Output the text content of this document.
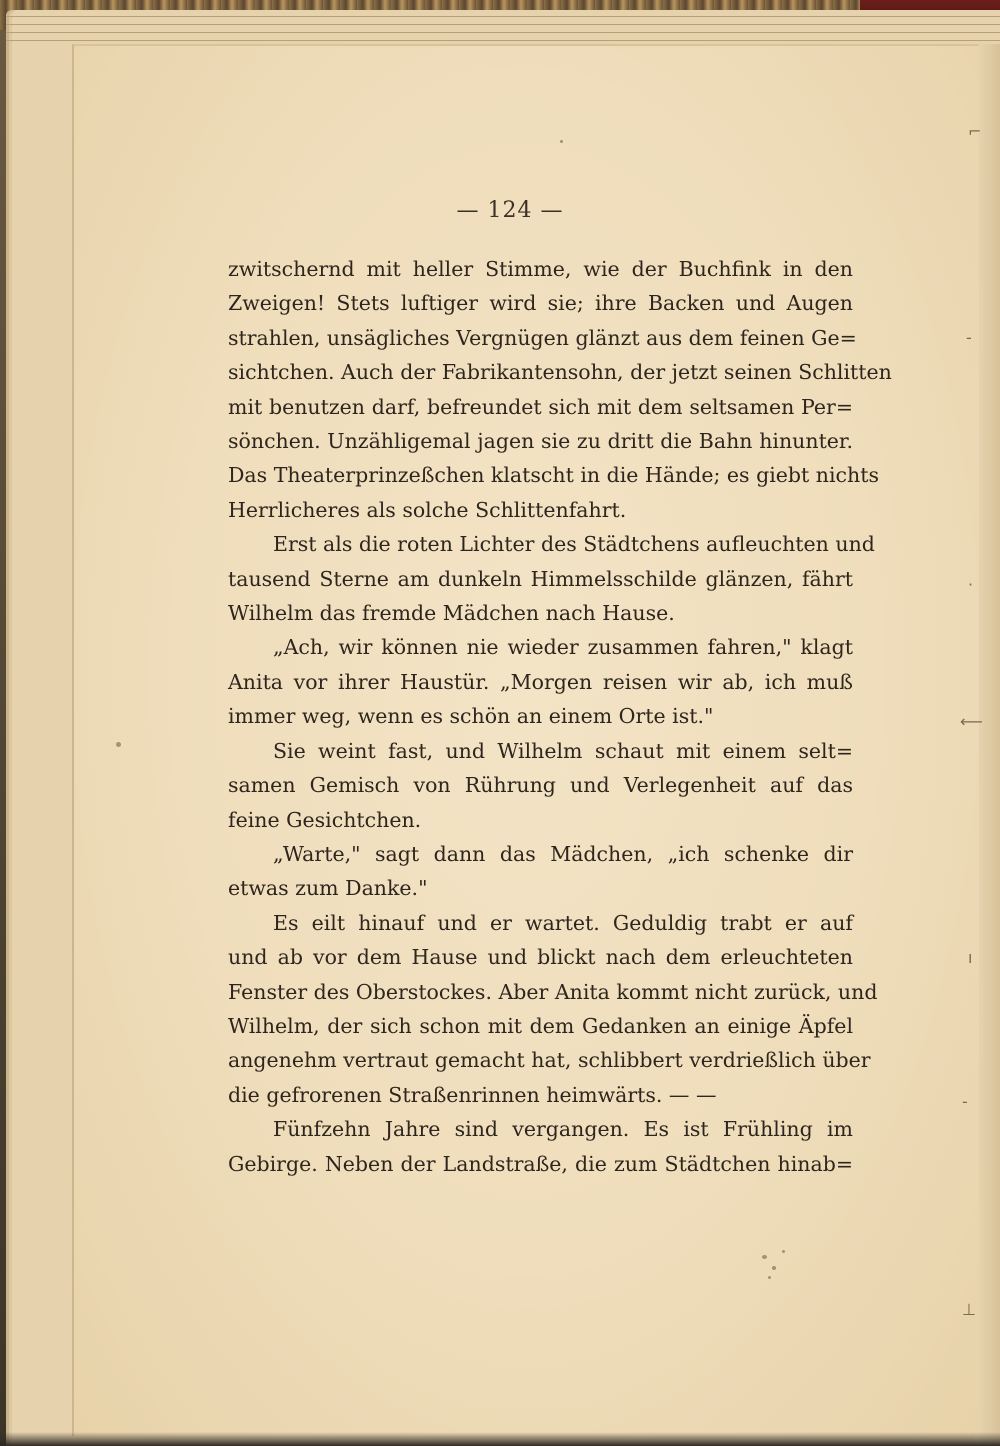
— 124 —
zwitschernd mit heller Stimme, wie der Buchfink in den
Zweigen! Stets luftiger wird sie; ihre Backen und Augen
strahlen, unsägliches Vergnügen glänzt aus dem feinen Ge=
sichtchen. Auch der Fabrikantensohn, der jetzt seinen Schlitten
mit benutzen darf, befreundet sich mit dem seltsamen Per=
sönchen. Unzähligemal jagen sie zu dritt die Bahn hinunter.
Das Theaterprinzeßchen klatscht in die Hände; es giebt nichts
Herrlicheres als solche Schlittenfahrt.
Erst als die roten Lichter des Städtchens aufleuchten und
tausend Sterne am dunkeln Himmelsschilde glänzen, fährt
Wilhelm das fremde Mädchen nach Hause.
„Ach, wir können nie wieder zusammen fahren," klagt
Anita vor ihrer Haustür. „Morgen reisen wir ab, ich muß
immer weg, wenn es schön an einem Orte ist."
Sie weint fast, und Wilhelm schaut mit einem selt=
samen Gemisch von Rührung und Verlegenheit auf das
feine Gesichtchen.
„Warte," sagt dann das Mädchen, „ich schenke dir
etwas zum Danke."
Es eilt hinauf und er wartet. Geduldig trabt er auf
und ab vor dem Hause und blickt nach dem erleuchteten
Fenster des Oberstockes. Aber Anita kommt nicht zurück, und
Wilhelm, der sich schon mit dem Gedanken an einige Äpfel
angenehm vertraut gemacht hat, schlibbert verdrießlich über
die gefrorenen Straßenrinnen heimwärts. — —
Fünfzehn Jahre sind vergangen. Es ist Frühling im
Gebirge. Neben der Landstraße, die zum Städtchen hinab=
⌐
‐
·
⟵
ı
‐
⊥
